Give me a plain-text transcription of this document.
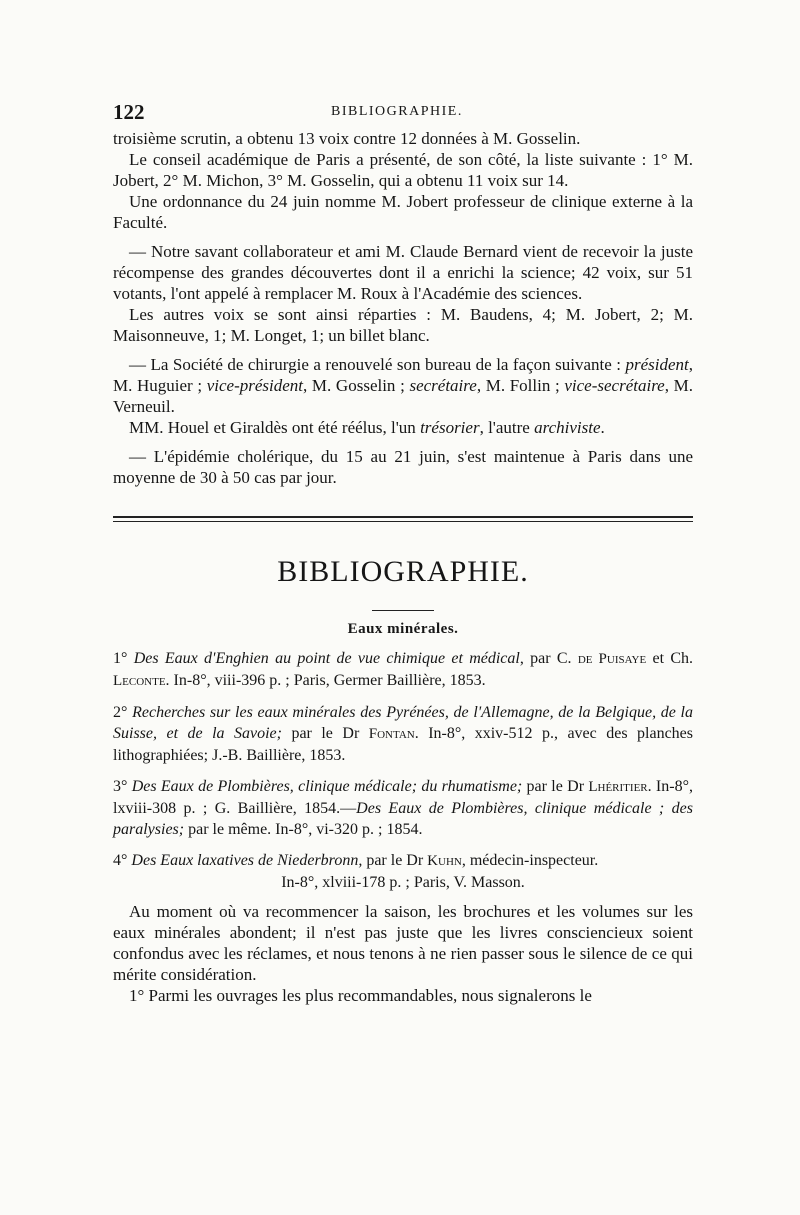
122	BIBLIOGRAPHIE.

troisième scrutin, a obtenu 13 voix contre 12 données à M. Gosselin.

Le conseil académique de Paris a présenté, de son côté, la liste suivante : 1° M. Jobert, 2° M. Michon, 3° M. Gosselin, qui a obtenu 11 voix sur 14.

Une ordonnance du 24 juin nomme M. Jobert professeur de clinique externe à la Faculté.

— Notre savant collaborateur et ami M. Claude Bernard vient de recevoir la juste récompense des grandes découvertes dont il a enrichi la science; 42 voix, sur 51 votants, l'ont appelé à remplacer M. Roux à l'Académie des sciences.

Les autres voix se sont ainsi réparties : M. Baudens, 4; M. Jobert, 2; M. Maisonneuve, 1; M. Longet, 1; un billet blanc.

— La Société de chirurgie a renouvelé son bureau de la façon suivante : président, M. Huguier ; vice-président, M. Gosselin ; secrétaire, M. Follin ; vice-secrétaire, M. Verneuil.

MM. Houel et Giraldès ont été réélus, l'un trésorier, l'autre archiviste.

— L'épidémie cholérique, du 15 au 21 juin, s'est maintenue à Paris dans une moyenne de 30 à 50 cas par jour.

BIBLIOGRAPHIE.
Eaux minérales.
1° Des Eaux d'Enghien au point de vue chimique et médical, par C. de Puisaye et Ch. Leconte. In-8°, viii-396 p. ; Paris, Germer Baillière, 1853.
2° Recherches sur les eaux minérales des Pyrénées, de l'Allemagne, de la Belgique, de la Suisse, et de la Savoie; par le Dr Fontan. In-8°, xxiv-512 p., avec des planches lithographiées; J.-B. Baillière, 1853.
3° Des Eaux de Plombières, clinique médicale; du rhumatisme; par le Dr Lhéritier. In-8°, lxviii-308 p. ; G. Baillière, 1854.—Des Eaux de Plombières, clinique médicale ; des paralysies; par le même. In-8°, vi-320 p. ; 1854.
4° Des Eaux laxatives de Niederbronn, par le Dr Kuhn, médecin-inspecteur.
In-8°, xlviii-178 p. ; Paris, V. Masson.

Au moment où va recommencer la saison, les brochures et les volumes sur les eaux minérales abondent; il n'est pas juste que les livres consciencieux soient confondus avec les réclames, et nous tenons à ne rien passer sous le silence de ce qui mérite considération.

1° Parmi les ouvrages les plus recommandables, nous signalerons le
